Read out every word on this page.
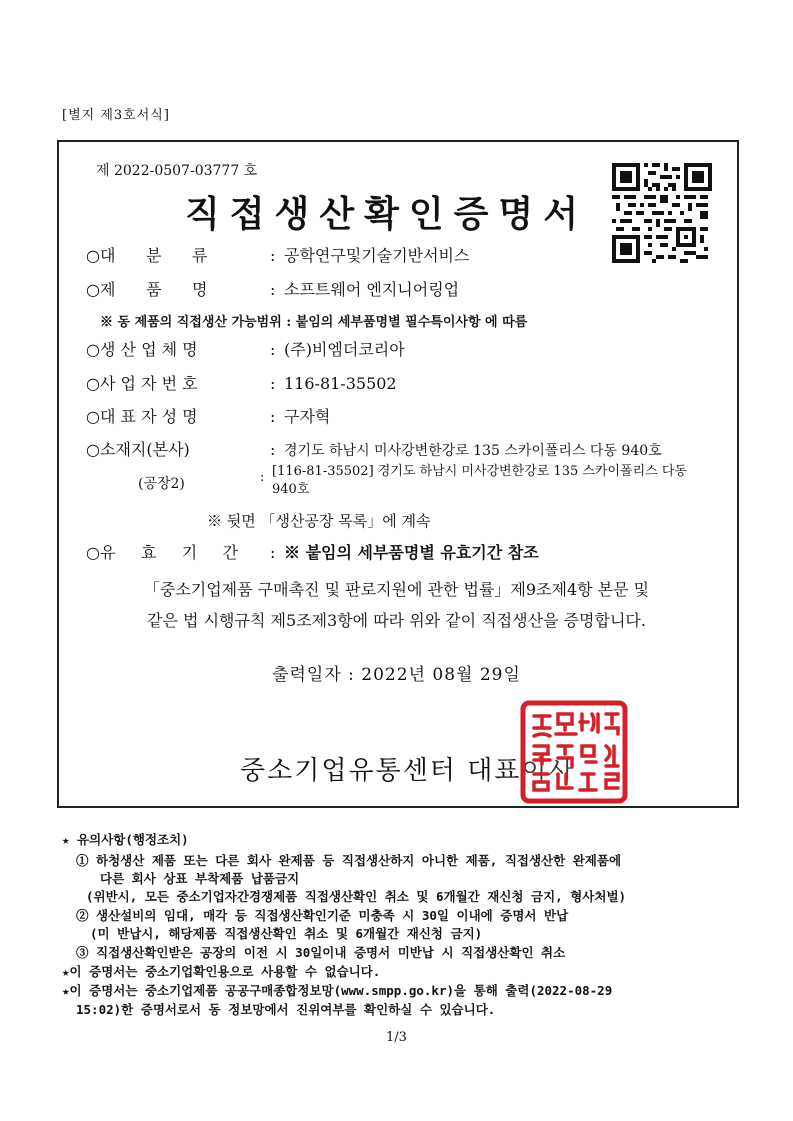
[별지 제3호서식]
제 2022-0507-03777 호
직접생산확인증명서
○대      분      류	: 공학연구및기술기반서비스
○제      품      명	: 소프트웨어 엔지니어링업
※ 동 제품의 직접생산 가능범위 : 붙임의 세부품명별 필수특이사항 에 따름
○생 산 업 체 명	: (주)비엠더코리아
○사 업 자 번 호	: 116-81-35502
○대 표 자 성 명	: 구자혁
○소재지(본사)	: 경기도 하남시 미사강변한강로 135 스카이폴리스 다동 940호
(공장2)	: [116-81-35502] 경기도 하남시 미사강변한강로 135 스카이폴리스 다동 940호
※ 뒷면 「생산공장 목록」에 계속
○유     효     기     간 : ※ 붙임의 세부품명별 유효기간 참조
「중소기업제품 구매촉진 및 판로지원에 관한 법률」제9조제4항 본문 및
같은 법 시행규칙 제5조제3항에 따라 위와 같이 직접생산을 증명합니다.
출력일자 : 2022년 08월 29일
중소기업유통센터 대표이사
★ 유의사항(행정조치)
① 하청생산 제품 또는 다른 회사 완제품 등 직접생산하지 아니한 제품, 직접생산한 완제품에
다른 회사 상표 부착제품 납품금지
(위반시, 모든 중소기업자간경쟁제품 직접생산확인 취소 및 6개월간 재신청 금지, 형사처벌)
② 생산설비의 임대, 매각 등 직접생산확인기준 미충족 시 30일 이내에 증명서 반납
(미 반납시, 해당제품 직접생산확인 취소 및 6개월간 재신청 금지)
③ 직접생산확인받은 공장의 이전 시 30일이내 증명서 미반납 시 직접생산확인 취소
★이 증명서는 중소기업확인용으로 사용할 수 없습니다.
★이 증명서는 중소기업제품 공공구매종합정보망(www.smpp.go.kr)을 통해 출력(2022-08-29
15:02)한 증명서로서 동 정보망에서 진위여부를 확인하실 수 있습니다.
1/3
